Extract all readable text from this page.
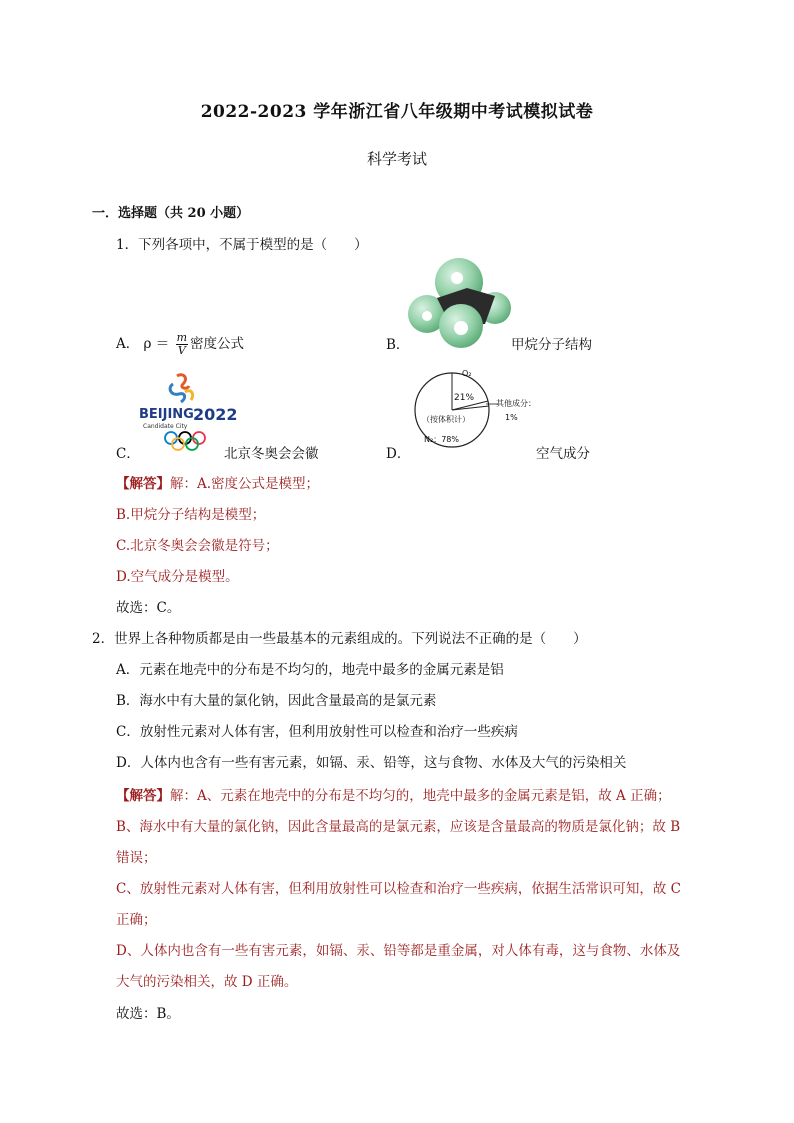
2022-2023 学年浙江省八年级期中考试模拟试卷
科学考试
一．选择题（共 20 小题）
1．下列各项中，不属于模型的是（　　）
A． $\rho = \frac{m}{V}$ 密度公式	B．	甲烷分子结构
C．
BEIJING 2022
Candidate City
北京冬奥会会徽	D．
O₂
21%
其他成分：
1%
（按体积计）
N₂：78%
空气成分
【解答】解：A.密度公式是模型；
B.甲烷分子结构是模型；
C.北京冬奥会会徽是符号；
D.空气成分是模型。
故选：C。
2．世界上各种物质都是由一些最基本的元素组成的。下列说法不正确的是（　　）
A．元素在地壳中的分布是不均匀的，地壳中最多的金属元素是铝
B．海水中有大量的氯化钠，因此含量最高的是氯元素
C．放射性元素对人体有害，但利用放射性可以检查和治疗一些疾病
D．人体内也含有一些有害元素，如镉、汞、铅等，这与食物、水体及大气的污染相关
【解答】解：A、元素在地壳中的分布是不均匀的，地壳中最多的金属元素是铝，故 A 正确；
B、海水中有大量的氯化钠，因此含量最高的是氯元素，应该是含量最高的物质是氯化钠；故 B
错误；
C、放射性元素对人体有害，但利用放射性可以检查和治疗一些疾病，依据生活常识可知，故 C
正确；
D、人体内也含有一些有害元素，如镉、汞、铅等都是重金属，对人体有毒，这与食物、水体及
大气的污染相关，故 D 正确。
故选：B。
